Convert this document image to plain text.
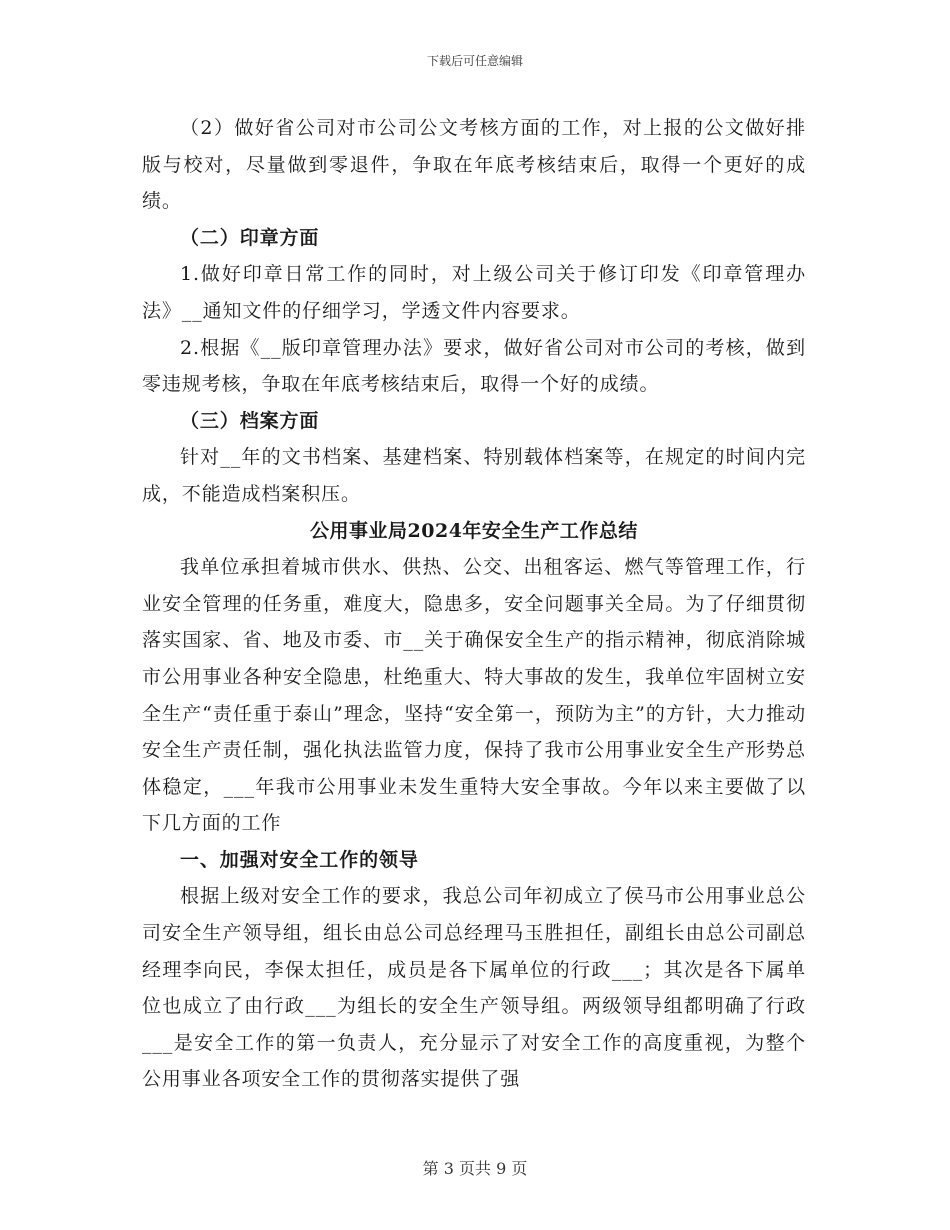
下载后可任意编辑

（2）做好省公司对市公司公文考核方面的工作，对上报的公文做好排版与校对，尽量做到零退件，争取在年底考核结束后，取得一个更好的成绩。

（二）印章方面

1.做好印章日常工作的同时，对上级公司关于修订印发《印章管理办法》__通知文件的仔细学习，学透文件内容要求。

2.根据《__版印章管理办法》要求，做好省公司对市公司的考核，做到零违规考核，争取在年底考核结束后，取得一个好的成绩。

（三）档案方面

针对__年的文书档案、基建档案、特别载体档案等，在规定的时间内完成，不能造成档案积压。

公用事业局2024年安全生产工作总结

我单位承担着城市供水、供热、公交、出租客运、燃气等管理工作，行业安全管理的任务重，难度大，隐患多，安全问题事关全局。为了仔细贯彻落实国家、省、地及市委、市__关于确保安全生产的指示精神，彻底消除城市公用事业各种安全隐患，杜绝重大、特大事故的发生，我单位牢固树立安全生产“责任重于泰山”理念，坚持“安全第一，预防为主”的方针，大力推动安全生产责任制，强化执法监管力度，保持了我市公用事业安全生产形势总体稳定，___年我市公用事业未发生重特大安全事故。今年以来主要做了以下几方面的工作

一、加强对安全工作的领导

根据上级对安全工作的要求，我总公司年初成立了侯马市公用事业总公司安全生产领导组，组长由总公司总经理马玉胜担任，副组长由总公司副总经理李向民，李保太担任，成员是各下属单位的行政___；其次是各下属单位也成立了由行政___为组长的安全生产领导组。两级领导组都明确了行政___是安全工作的第一负责人，充分显示了对安全工作的高度重视，为整个公用事业各项安全工作的贯彻落实提供了强

第 3 页共 9 页
